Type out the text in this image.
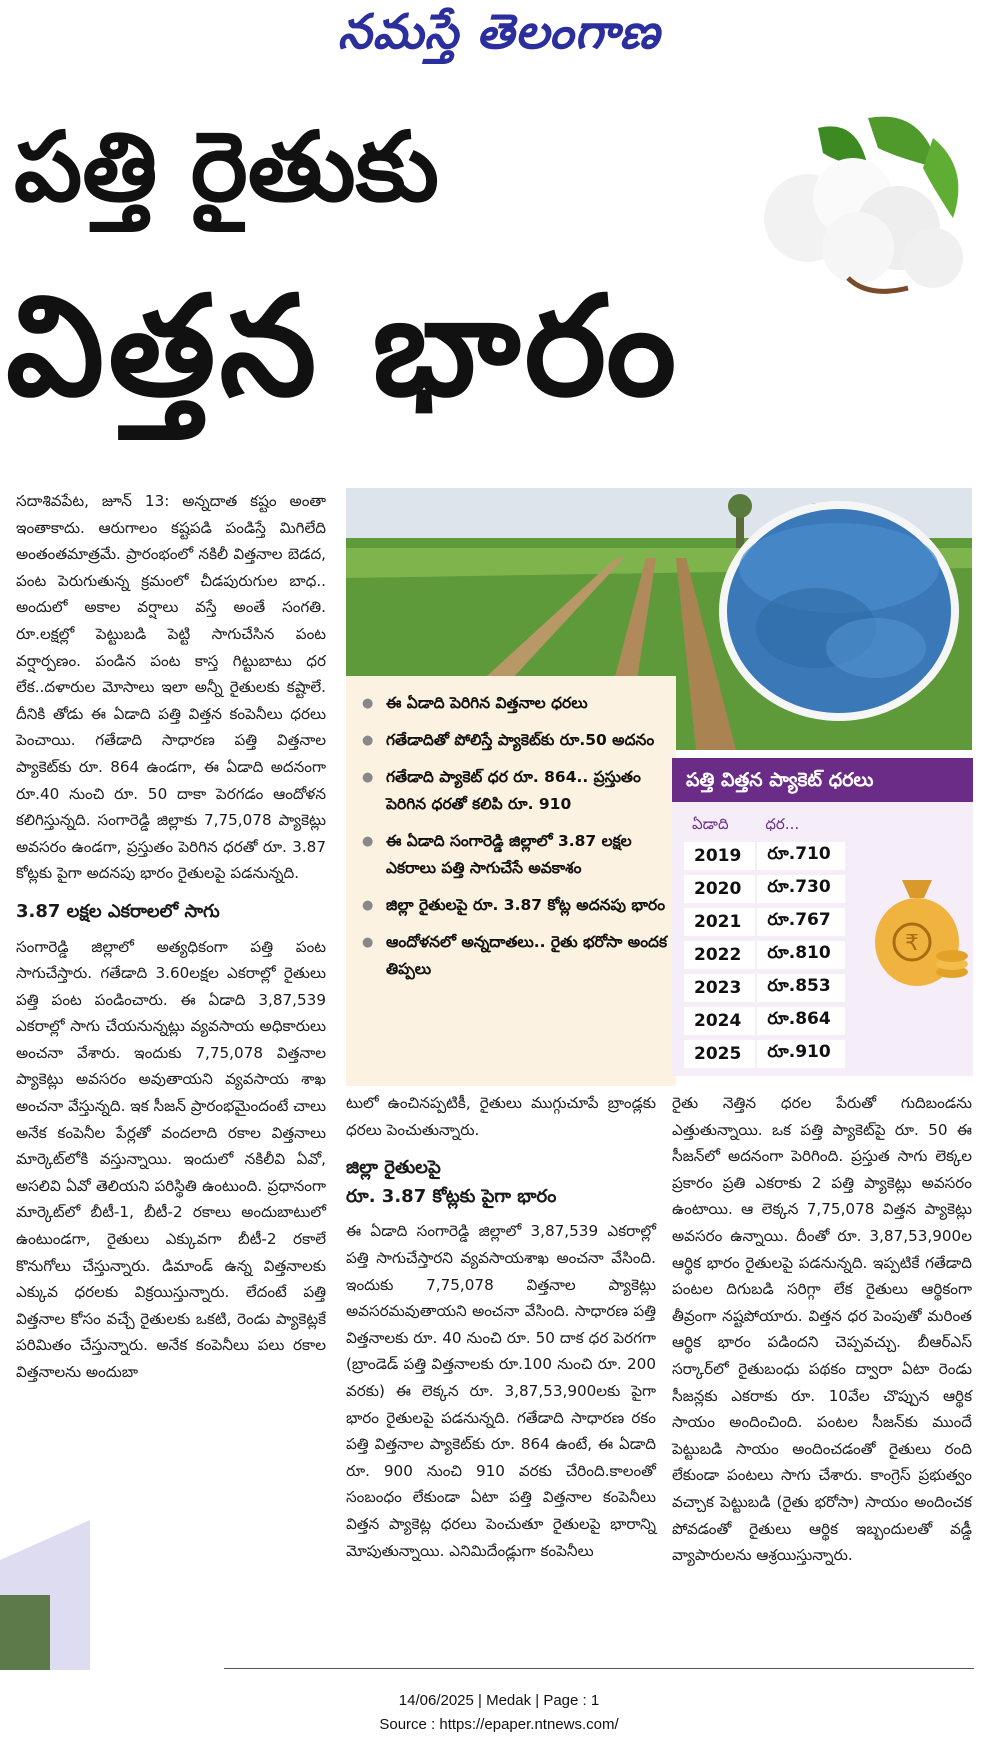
నమస్తే తెలంగాణ
పత్తి రైతుకు
విత్తన భారం

సదాశివపేట, జూన్ 13: అన్నదాత కష్టం అంతా ఇంతాకాదు. ఆరుగాలం కష్టపడి పండిస్తే మిగిలేది అంతంతమాత్రమే. ప్రారంభంలో నకిలీ విత్తనాల బెడద, పంట పెరుగుతున్న క్రమంలో చీడపురుగుల బాధ.. అందులో అకాల వర్షాలు వస్తే అంతే సంగతి. రూ.లక్షల్లో పెట్టుబడి పెట్టి సాగుచేసిన పంట వర్షార్పణం. పండిన పంట కాస్త గిట్టుబాటు ధర లేక..దళారుల మోసాలు ఇలా అన్నీ రైతులకు కష్టాలే. దీనికి తోడు ఈ ఏడాది పత్తి విత్తన కంపెనీలు ధరలు పెంచాయి. గతేడాది సాధారణ పత్తి విత్తనాల ప్యాకెట్‌కు రూ. 864 ఉండగా, ఈ ఏడాది అదనంగా రూ.40 నుంచి రూ. 50 దాకా పెరగడం ఆందోళన కలిగిస్తున్నది. సంగారెడ్డి జిల్లాకు 7,75,078 ప్యాకెట్లు అవసరం ఉండగా, ప్రస్తుతం పెరిగిన ధరతో రూ. 3.87 కోట్లకు పైగా అదనపు భారం రైతులపై పడనున్నది.

3.87 లక్షల ఎకరాలలో సాగు

సంగారెడ్డి జిల్లాలో అత్యధికంగా పత్తి పంట సాగుచేస్తారు. గతేడాది 3.60లక్షల ఎకరాల్లో రైతులు పత్తి పంట పండించారు. ఈ ఏడాది 3,87,539 ఎకరాల్లో సాగు చేయనున్నట్లు వ్యవసాయ అధికారులు అంచనా వేశారు. ఇందుకు 7,75,078 విత్తనాల ప్యాకెట్లు అవసరం అవుతాయని వ్యవసాయ శాఖ అంచనా వేస్తున్నది. ఇక సీజన్ ప్రారంభమైందంటే చాలు అనేక కంపెనీల పేర్లతో వందలాది రకాల విత్తనాలు మార్కెట్‌లోకి వస్తున్నాయి. ఇందులో నకిలీవి ఏవో, అసలివి ఏవో తెలియని పరిస్థితి ఉంటుంది. ప్రధానంగా మార్కెట్‌లో బీటీ-1, బీటీ-2 రకాలు అందుబాటులో ఉంటుండగా, రైతులు ఎక్కువగా బీటీ-2 రకాలే కొనుగోలు చేస్తున్నారు. డిమాండ్ ఉన్న విత్తనాలకు ఎక్కువ ధరలకు విక్రయిస్తున్నారు. లేదంటే పత్తి విత్తనాల కోసం వచ్చే రైతులకు ఒకటి, రెండు ప్యాకెట్లకే పరిమితం చేస్తున్నారు. అనేక కంపెనీలు పలు రకాల విత్తనాలను అందుబా

● ఈ ఏడాది పెరిగిన విత్తనాల ధరలు
● గతేడాదితో పోలిస్తే ప్యాకెట్‌కు రూ.50 అదనం
● గతేడాది ప్యాకెట్ ధర రూ. 864.. ప్రస్తుతం పెరిగిన ధరతో కలిపి రూ. 910
● ఈ ఏడాది సంగారెడ్డి జిల్లాలో 3.87 లక్షల ఎకరాలు పత్తి సాగుచేసే అవకాశం
● జిల్లా రైతులపై రూ. 3.87 కోట్ల అదనపు భారం
● ఆందోళనలో అన్నదాతలు.. రైతు భరోసా అందక తిప్పలు
పత్తి విత్తన ప్యాకెట్ ధరలు
ఏడాది	ధర...
2019	రూ.710
2020	రూ.730
2021	రూ.767
2022	రూ.810
2023	రూ.853
2024	రూ.864
2025	రూ.910
₹

టులో ఉంచినప్పటికీ, రైతులు ముగ్గుచూపే బ్రాండ్లకు ధరలు పెంచుతున్నారు.

జిల్లా రైతులపై
రూ. 3.87 కోట్లకు పైగా భారం

ఈ ఏడాది సంగారెడ్డి జిల్లాలో 3,87,539 ఎకరాల్లో పత్తి సాగుచేస్తారని వ్యవసాయశాఖ అంచనా వేసింది. ఇందుకు 7,75,078 విత్తనాల ప్యాకెట్లు అవసరమవుతాయని అంచనా వేసింది. సాధారణ పత్తి విత్తనాలకు రూ. 40 నుంచి రూ. 50 దాక ధర పెరగగా (బ్రాండెడ్ పత్తి విత్తనాలకు రూ.100 నుంచి రూ. 200 వరకు) ఈ లెక్కన రూ. 3,87,53,900లకు పైగా భారం రైతులపై పడనున్నది. గతేడాది సాధారణ రకం పత్తి విత్తనాల ప్యాకెట్‌కు రూ. 864 ఉంటే, ఈ ఏడాది రూ. 900 నుంచి 910 వరకు చేరింది.కాలంతో సంబంధం లేకుండా ఏటా పత్తి విత్తనాల కంపెనీలు విత్తన ప్యాకెట్ల ధరలు పెంచుతూ రైతులపై భారాన్ని మోపుతున్నాయి. ఎనిమిదేండ్లుగా కంపెనీలు

రైతు నెత్తిన ధరల పేరుతో గుదిబండను ఎత్తుతున్నాయి. ఒక పత్తి ప్యాకెట్‌పై రూ. 50 ఈ సీజన్‌లో అదనంగా పెరిగింది. ప్రస్తుత సాగు లెక్కల ప్రకారం ప్రతి ఎకరాకు 2 పత్తి ప్యాకెట్లు అవసరం ఉంటాయి. ఆ లెక్కన 7,75,078 విత్తన ప్యాకెట్లు అవసరం ఉన్నాయి. దీంతో రూ. 3,87,53,900ల ఆర్థిక భారం రైతులపై పడనున్నది. ఇప్పటికే గతేడాది పంటల దిగుబడి సరిగ్గా లేక రైతులు ఆర్థికంగా తీవ్రంగా నష్టపోయారు. విత్తన ధర పెంపుతో మరింత ఆర్థిక భారం పడిందని చెప్పవచ్చు. బీఆర్‌ఎస్ సర్కార్‌లో రైతుబంధు పథకం ద్వారా ఏటా రెండు సీజన్లకు ఎకరాకు రూ. 10వేల చొప్పున ఆర్థిక సాయం అందించింది. పంటల సీజన్‌కు ముందే పెట్టుబడి సాయం అందించడంతో రైతులు రంది లేకుండా పంటలు సాగు చేశారు. కాంగ్రెస్ ప్రభుత్వం వచ్చాక పెట్టుబడి (రైతు భరోసా) సాయం అందించక పోవడంతో రైతులు ఆర్థిక ఇబ్బందులతో వడ్డీ వ్యాపారులను ఆశ్రయిస్తున్నారు.

14/06/2025 | Medak | Page : 1
Source : https://epaper.ntnews.com/
